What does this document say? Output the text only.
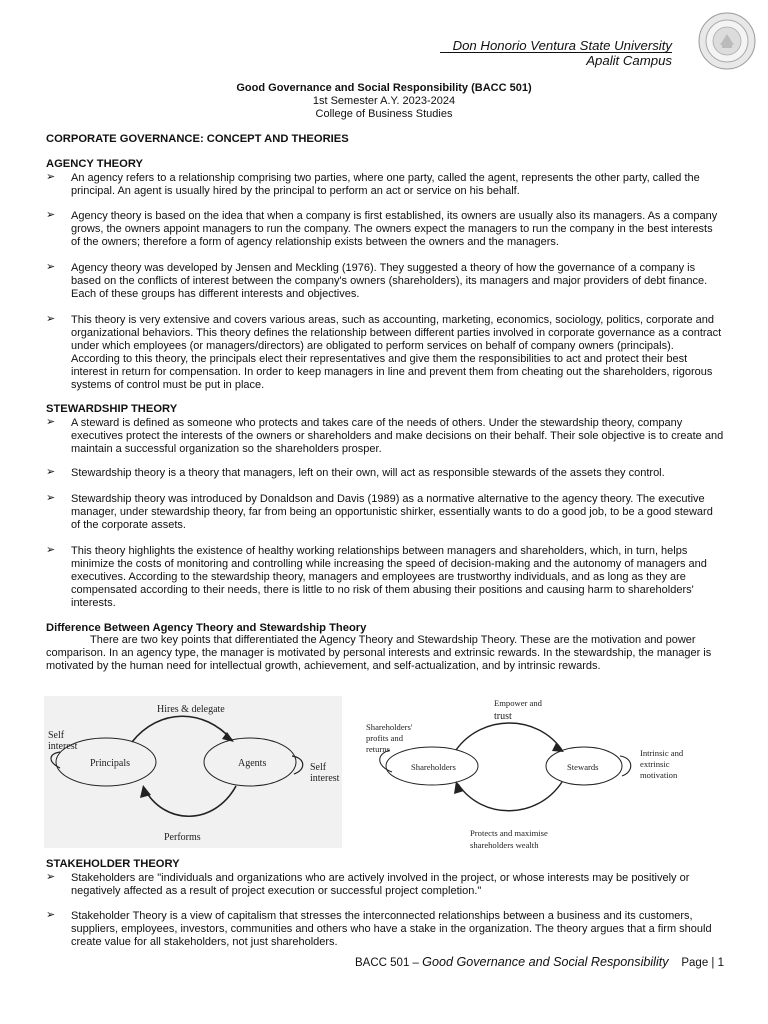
Don Honorio Ventura State University
Apalit Campus
Good Governance and Social Responsibility (BACC 501)
1st Semester A.Y. 2023-2024
College of Business Studies
CORPORATE GOVERNANCE: CONCEPT AND THEORIES
AGENCY THEORY
➢ An agency refers to a relationship comprising two parties, where one party, called the agent, represents the other party, called the principal. An agent is usually hired by the principal to perform an act or service on his behalf.
➢ Agency theory is based on the idea that when a company is first established, its owners are usually also its managers. As a company grows, the owners appoint managers to run the company. The owners expect the managers to run the company in the best interests of the owners; therefore a form of agency relationship exists between the owners and the managers.
➢ Agency theory was developed by Jensen and Meckling (1976). They suggested a theory of how the governance of a company is based on the conflicts of interest between the company's owners (shareholders), its managers and major providers of debt finance. Each of these groups has different interests and objectives.
➢ This theory is very extensive and covers various areas, such as accounting, marketing, economics, sociology, politics, corporate and organizational behaviors. This theory defines the relationship between different parties involved in corporate governance as a contract under which employees (or managers/directors) are obligated to perform services on behalf of company owners (principals). According to this theory, the principals elect their representatives and give them the responsibilities to act and protect their best interest in return for compensation. In order to keep managers in line and prevent them from cheating out the shareholders, rigorous systems of control must be put in place.
STEWARDSHIP THEORY
➢ A steward is defined as someone who protects and takes care of the needs of others. Under the stewardship theory, company executives protect the interests of the owners or shareholders and make decisions on their behalf. Their sole objective is to create and maintain a successful organization so the shareholders prosper.
➢ Stewardship theory is a theory that managers, left on their own, will act as responsible stewards of the assets they control.
➢ Stewardship theory was introduced by Donaldson and Davis (1989) as a normative alternative to the agency theory. The executive manager, under stewardship theory, far from being an opportunistic shirker, essentially wants to do a good job, to be a good steward of the corporate assets.
➢ This theory highlights the existence of healthy working relationships between managers and shareholders, which, in turn, helps minimize the costs of monitoring and controlling while increasing the speed of decision-making and the autonomy of managers and executives. According to the stewardship theory, managers and employees are trustworthy individuals, and as long as they are compensated according to their needs, there is little to no risk of them abusing their positions and causing harm to shareholders' interests.
Difference Between Agency Theory and Stewardship Theory
There are two key points that differentiated the Agency Theory and Stewardship Theory. These are the motivation and power comparison. In an agency type, the manager is motivated by personal interests and extrinsic rewards. In the stewardship, the manager is motivated by the human need for intellectual growth, achievement, and self-actualization, and by intrinsic rewards.
Hires & delegate
Self
interest
Principals	Agents	Self
interest
Performs
Empower and
trust
Shareholders'
profits and
returns
Shareholders	Stewards
Intrinsic and
extrinsic
motivation
Protects and maximise
shareholders wealth
STAKEHOLDER THEORY
➢ Stakeholders are "individuals and organizations who are actively involved in the project, or whose interests may be positively or negatively affected as a result of project execution or successful project completion."
➢ Stakeholder Theory is a view of capitalism that stresses the interconnected relationships between a business and its customers, suppliers, employees, investors, communities and others who have a stake in the organization. The theory argues that a firm should create value for all stakeholders, not just shareholders.
BACC 501 – Good Governance and Social Responsibility Page | 1
